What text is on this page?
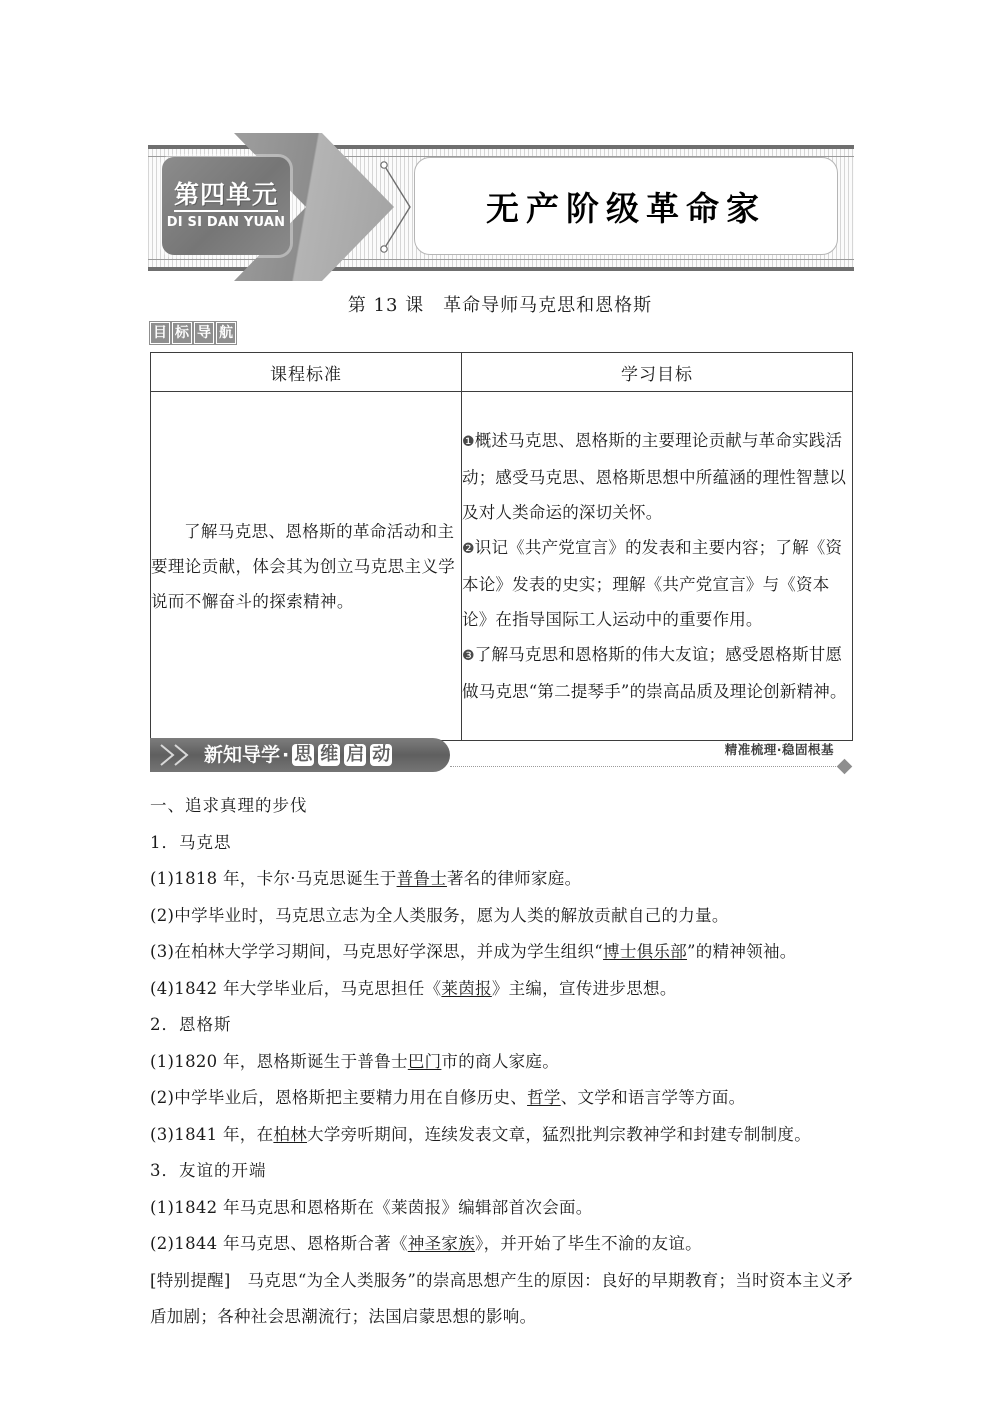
第四单元
DI SI DAN YUAN	无产阶级革命家
第 13 课　革命导师马克思和恩格斯
目 标 导 航
课程标准	学习目标

了解马克思、恩格斯的革命活动和主要理论贡献，体会其为创立马克思主义学说而不懈奋斗的探索精神。	❶概述马克思、恩格斯的主要理论贡献与革命实践活动；感受马克思、恩格斯思想中所蕴涵的理性智慧以及对人类命运的深切关怀。

❷识记《共产党宣言》的发表和主要内容；了解《资本论》发表的史实；理解《共产党宣言》与《资本论》在指导国际工人运动中的重要作用。

❸了解马克思和恩格斯的伟大友谊；感受恩格斯甘愿做马克思“第二提琴手”的崇高品质及理论创新精神。

新知导学 · 思 维 启 动	精准梳理·稳固根基

一、追求真理的步伐

1．马克思

(1)1818 年，卡尔·马克思诞生于普鲁士著名的律师家庭。

(2)中学毕业时，马克思立志为全人类服务，愿为人类的解放贡献自己的力量。

(3)在柏林大学学习期间，马克思好学深思，并成为学生组织“博士俱乐部”的精神领袖。

(4)1842 年大学毕业后，马克思担任《莱茵报》主编，宣传进步思想。

2．恩格斯

(1)1820 年，恩格斯诞生于普鲁士巴门市的商人家庭。

(2)中学毕业后，恩格斯把主要精力用在自修历史、哲学、文学和语言学等方面。

(3)1841 年，在柏林大学旁听期间，连续发表文章，猛烈批判宗教神学和封建专制制度。

3．友谊的开端

(1)1842 年马克思和恩格斯在《莱茵报》编辑部首次会面。

(2)1844 年马克思、恩格斯合著《神圣家族》，并开始了毕生不渝的友谊。

[特别提醒]　马克思“为全人类服务”的崇高思想产生的原因：良好的早期教育；当时资本主义矛盾加剧；各种社会思潮流行；法国启蒙思想的影响。
